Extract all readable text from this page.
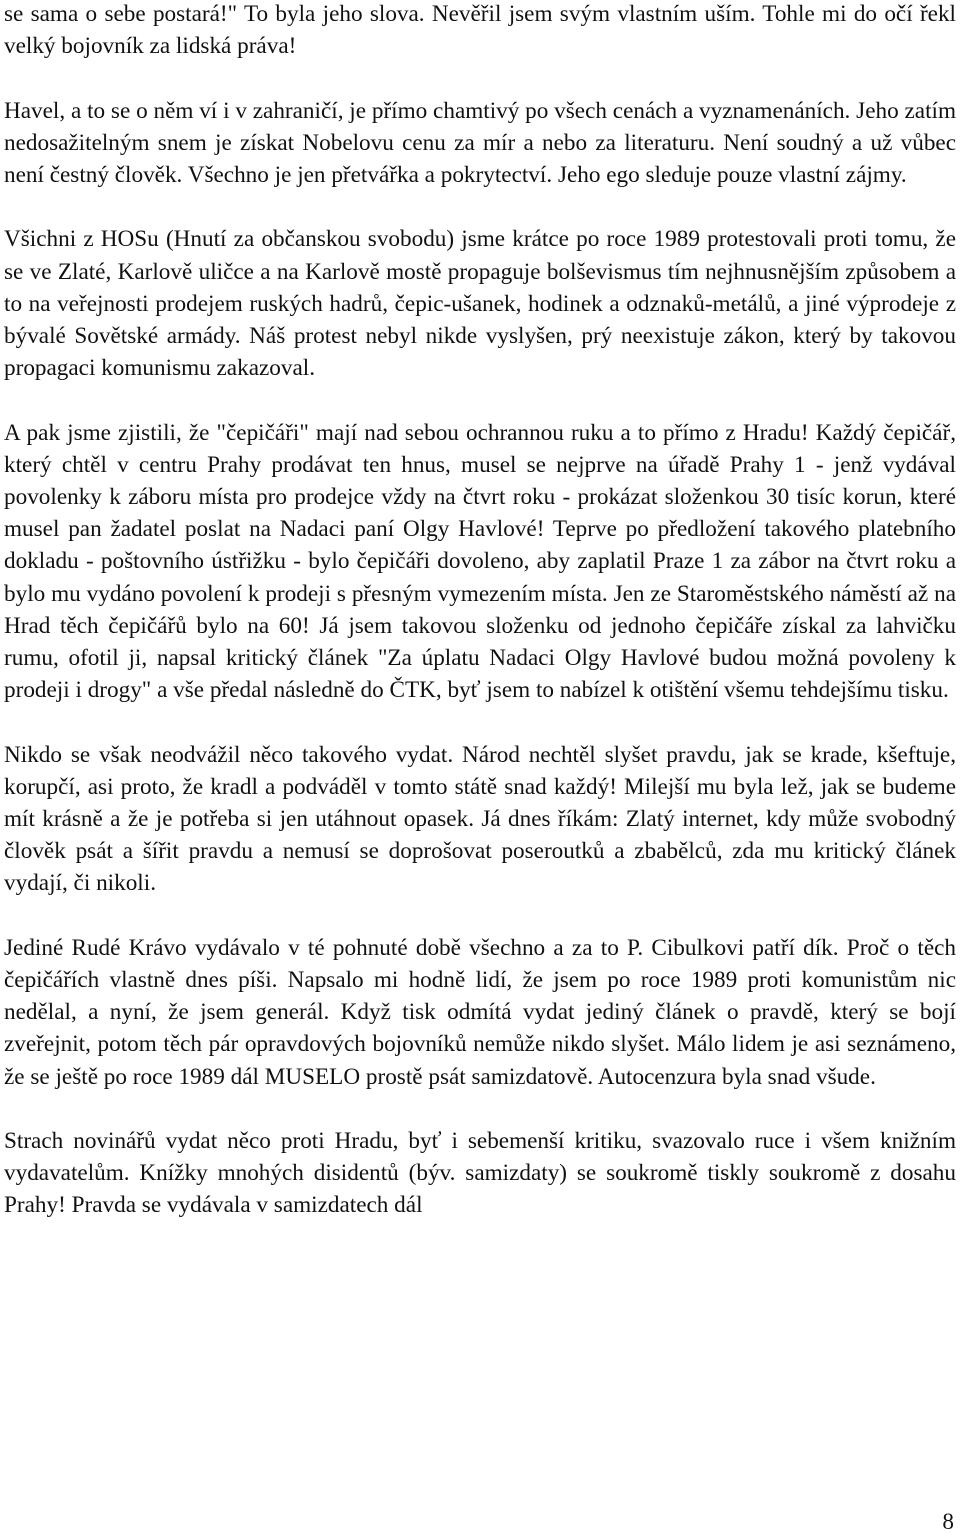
se sama o sebe postará!" To byla jeho slova. Nevěřil jsem svým vlastním uším. Tohle mi do očí řekl velký bojovník za lidská práva!

Havel, a to se o něm ví i v zahraničí, je přímo chamtivý po všech cenách a vyznamenáních. Jeho zatím nedosažitelným snem je získat Nobelovu cenu za mír a nebo za literaturu. Není soudný a už vůbec není čestný člověk. Všechno je jen přetvářka a pokrytectví. Jeho ego sleduje pouze vlastní zájmy.

Všichni z HOSu (Hnutí za občanskou svobodu) jsme krátce po roce 1989 protestovali proti tomu, že se ve Zlaté, Karlově uličce a na Karlově mostě propaguje bolševismus tím nejhnusnějším způsobem a to na veřejnosti prodejem ruských hadrů, čepic-ušanek, hodinek a odznaků-metálů, a jiné výprodeje z bývalé Sovětské armády. Náš protest nebyl nikde vyslyšen, prý neexistuje zákon, který by takovou propagaci komunismu zakazoval.

A pak jsme zjistili, že "čepičáři" mají nad sebou ochrannou ruku a to přímo z Hradu! Každý čepičář, který chtěl v centru Prahy prodávat ten hnus, musel se nejprve na úřadě Prahy 1 - jenž vydával povolenky k záboru místa pro prodejce vždy na čtvrt roku - prokázat složenkou 30 tisíc korun, které musel pan žadatel poslat na Nadaci paní Olgy Havlové! Teprve po předložení takového platebního dokladu - poštovního ústřižku - bylo čepičáři dovoleno, aby zaplatil Praze 1 za zábor na čtvrt roku a bylo mu vydáno povolení k prodeji s přesným vymezením místa. Jen ze Staroměstského náměstí až na Hrad těch čepičářů bylo na 60! Já jsem takovou složenku od jednoho čepičáře získal za lahvičku rumu, ofotil ji, napsal kritický článek "Za úplatu Nadaci Olgy Havlové budou možná povoleny k prodeji i drogy" a vše předal následně do ČTK, byť jsem to nabízel k otištění všemu tehdejšímu tisku.

Nikdo se však neodvážil něco takového vydat. Národ nechtěl slyšet pravdu, jak se krade, kšeftuje, korupčí, asi proto, že kradl a podváděl v tomto státě snad každý! Milejší mu byla lež, jak se budeme mít krásně a že je potřeba si jen utáhnout opasek. Já dnes říkám: Zlatý internet, kdy může svobodný člověk psát a šířit pravdu a nemusí se doprošovat poseroutků a zbabělců, zda mu kritický článek vydají, či nikoli.

Jediné Rudé Krávo vydávalo v té pohnuté době všechno a za to P. Cibulkovi patří dík. Proč o těch čepičářích vlastně dnes píši. Napsalo mi hodně lidí, že jsem po roce 1989 proti komunistům nic nedělal, a nyní, že jsem generál. Když tisk odmítá vydat jediný článek o pravdě, který se bojí zveřejnit, potom těch pár opravdových bojovníků nemůže nikdo slyšet. Málo lidem je asi seznámeno, že se ještě po roce 1989 dál MUSELO prostě psát samizdatově. Autocenzura byla snad všude.

Strach novinářů vydat něco proti Hradu, byť i sebemenší kritiku, svazovalo ruce i všem knižním vydavatelům. Knížky mnohých disidentů (býv. samizdaty) se soukromě tiskly soukromě z dosahu Prahy! Pravda se vydávala v samizdatech dál

8
